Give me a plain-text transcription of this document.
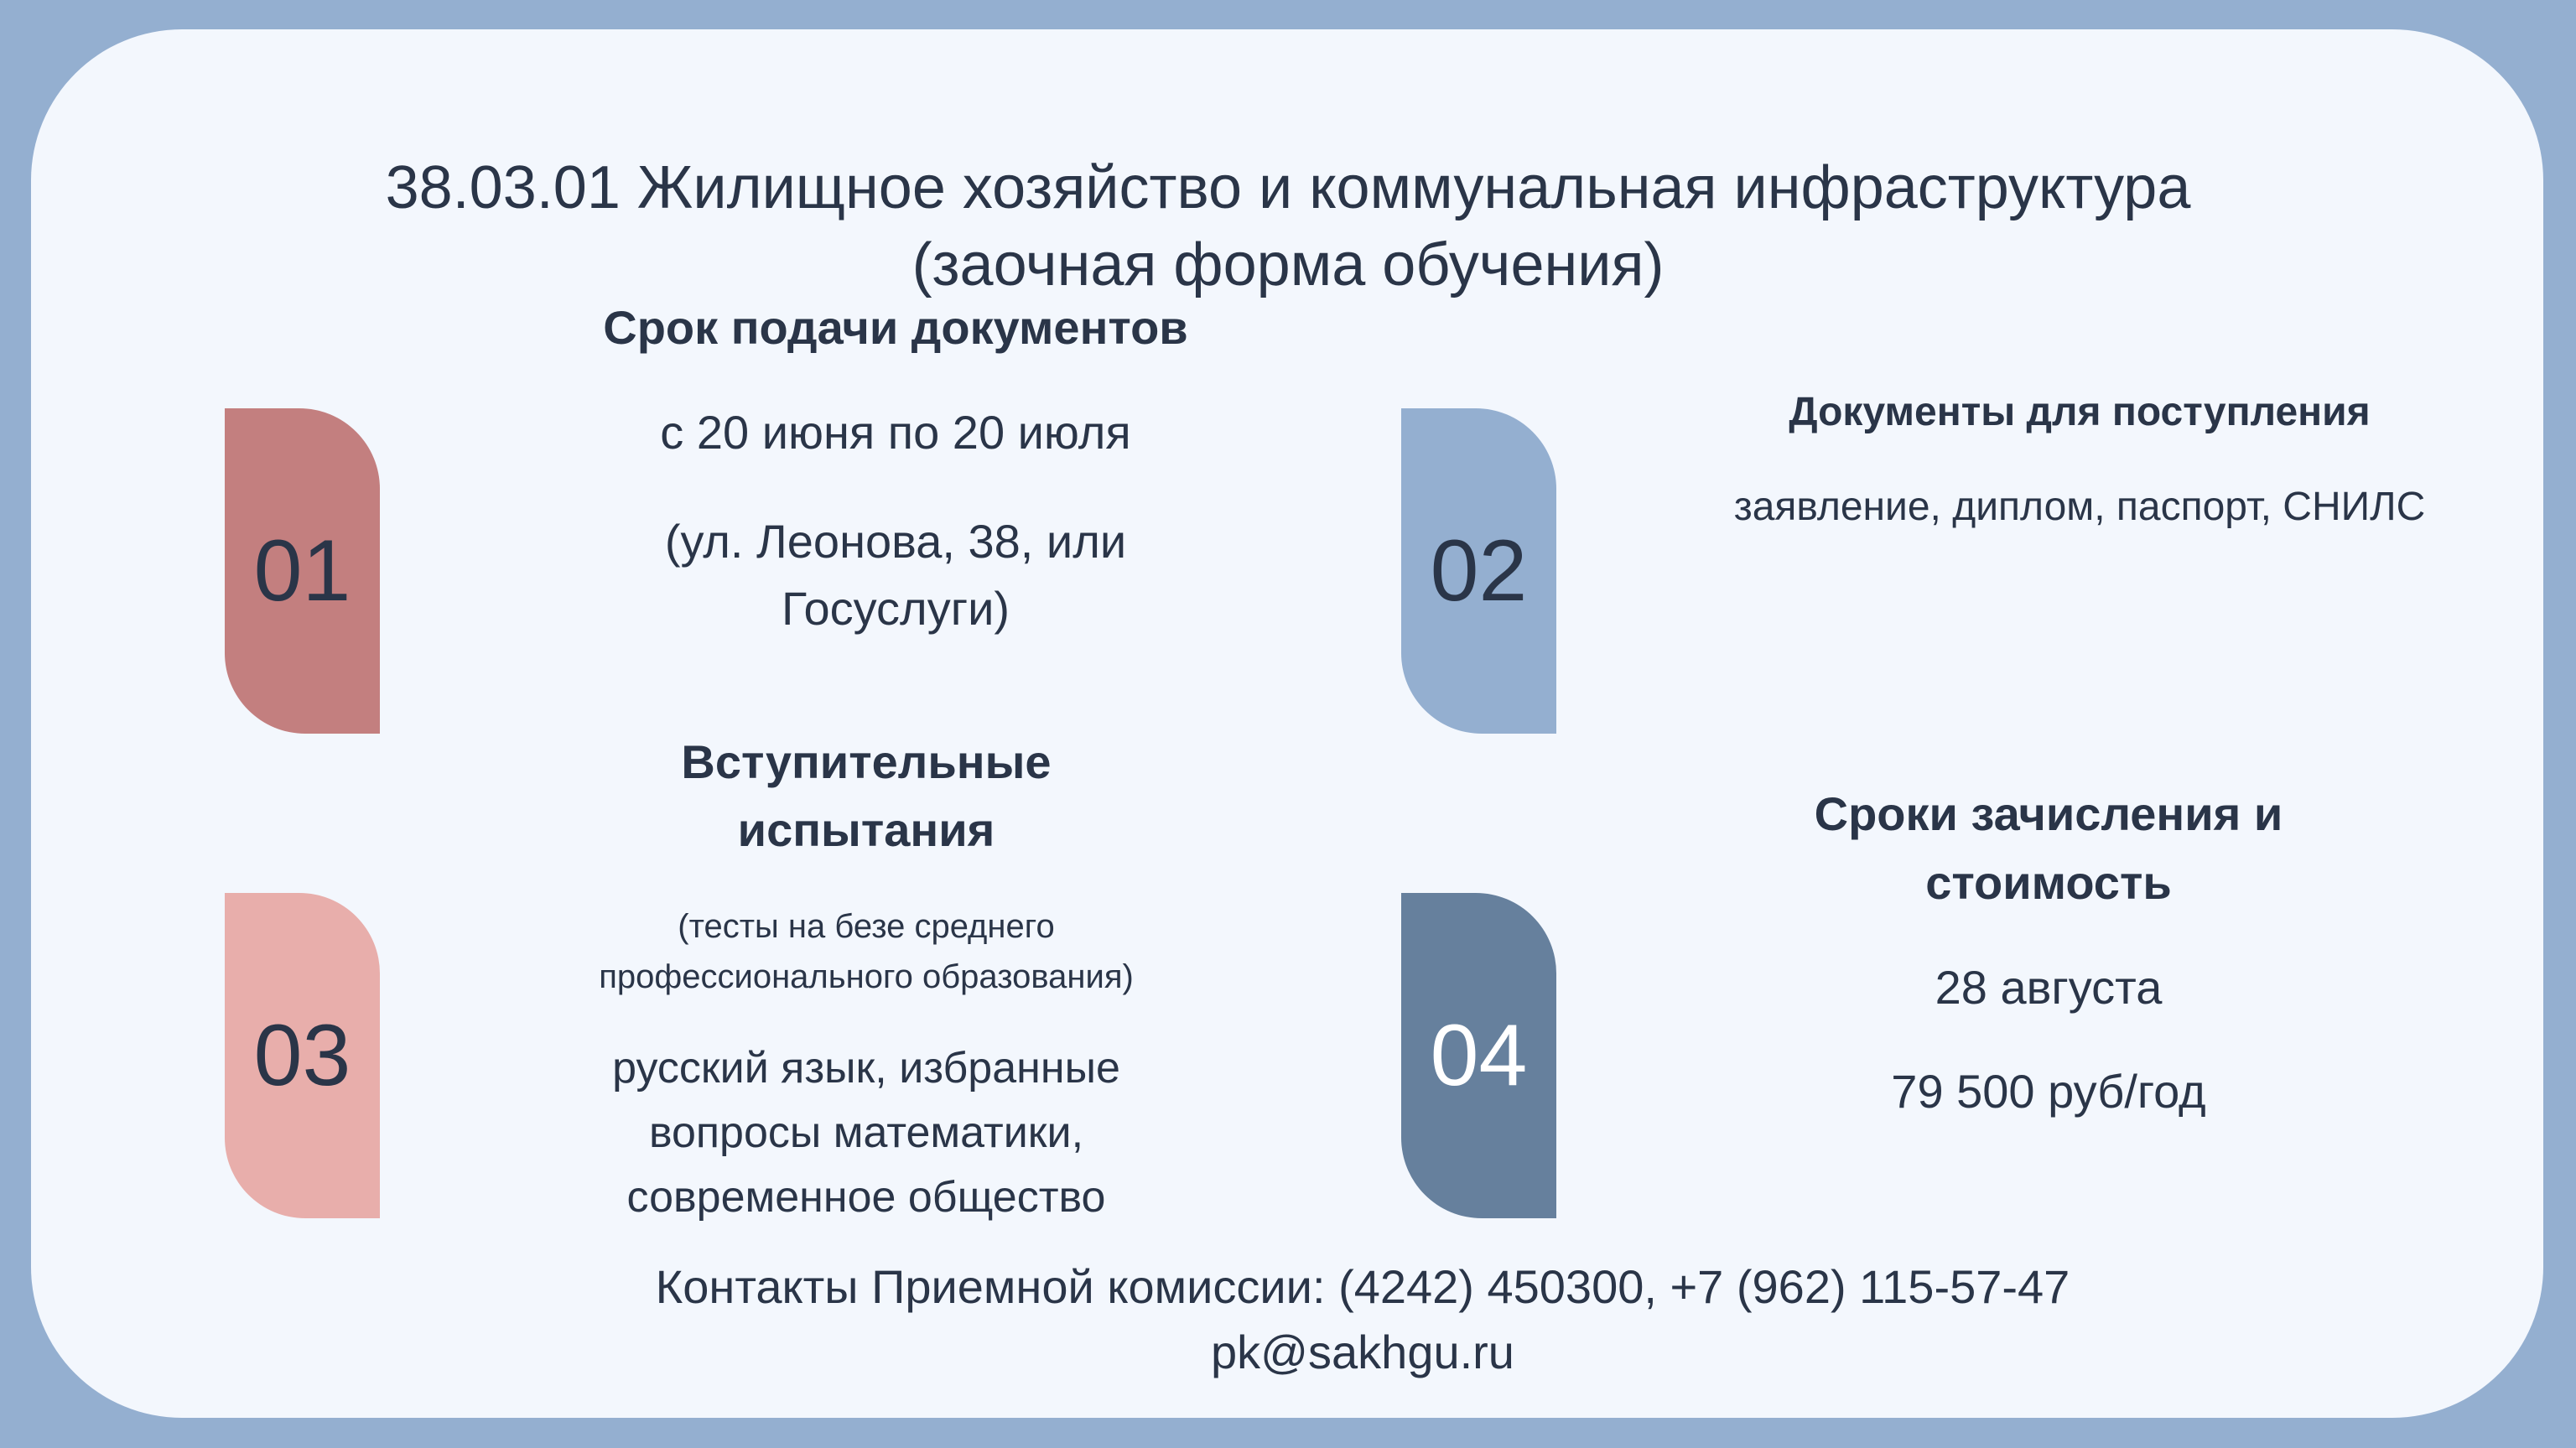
38.03.01 Жилищное хозяйство и коммунальная инфраструктура
(заочная форма обучения)
01
Срок подачи документов
с 20 июня по 20 июля
(ул. Леонова, 38, или
Госуслуги)	02
Документы для поступления
заявление, диплом, паспорт, СНИЛС
03
Вступительные
испытания
(тесты на безе среднего
профессионального образования)
русский язык, избранные
вопросы математики,
современное общество
04
Сроки зачисления и
стоимость
28 августа
79 500 руб/год
Контакты Приемной комиссии: (4242) 450300, +7 (962) 115-57-47
pk@sakhgu.ru
